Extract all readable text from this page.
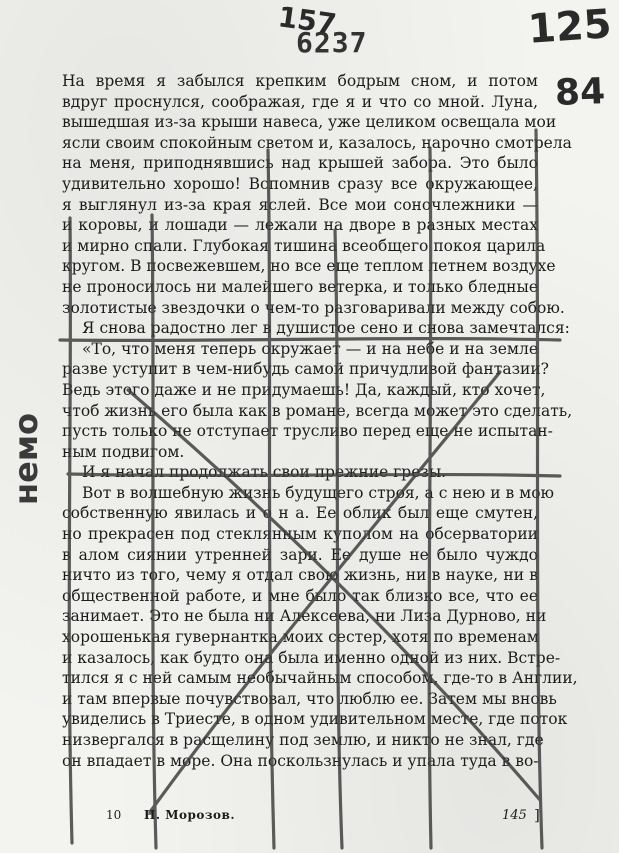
6237
157	125
84
немо
На время я забылся крепким бодрым сном, и потом
вдруг проснулся, соображая, где я и что со мной. Луна,
вышедшая из-за крыши навеса, уже целиком освещала мои
ясли своим спокойным светом и, казалось, нарочно смотрела
на меня, приподнявшись над крышей забора. Это было
удивительно хорошо! Вспомнив сразу все окружающее,
я выглянул из-за края яслей. Все мои соночлежники —
и коровы, и лошади — лежали на дворе в разных местах
и мирно спали. Глубокая тишина всеобщего покоя царила
кругом. В посвежевшем, но все еще теплом летнем воздухе
не проносилось ни малейшего ветерка, и только бледные
золотистые звездочки о чем-то разговаривали между собою.
Я снова радостно лег в душистое сено и снова замечтался:
«То, что меня теперь окружает — и на небе и на земле
разве уступит в чем-нибудь самой причудливой фантазии?
Ведь этого даже и не придумаешь! Да, каждый, кто хочет,
чтоб жизнь его была как в романе, всегда может это сделать,
пусть только не отступает трусливо перед еще не испытан-
ным подвигом.
И я начал продолжать свои прежние грезы.
Вот в волшебную жизнь будущего строя, а с нею и в мою
собственную явилась и о н а. Ее облик был еще смутен,
но прекрасен под стеклянным куполом на обсерватории
в алом сиянии утренней зари. Ее душе не было чуждо
ничто из того, чему я отдал свою жизнь, ни в науке, ни в
общественной работе, и мне было так близко все, что ее
занимает. Это не была ни Алексеева, ни Лиза Дурново, ни
хорошенькая гувернантка моих сестер, хотя по временам
и казалось, как будто она была именно одной из них. Встре-
тился я с ней самым необычайным способом, где-то в Англии,
и там впервые почувствовал, что люблю ее. Затем мы вновь
увиделись в Триесте, в одном удивительном месте, где поток
низвергался в расщелину под землю, и никто не знал, где
он впадает в море. Она поскользнулась и упала туда в во-
10 Н. Морозов.	145 ]
